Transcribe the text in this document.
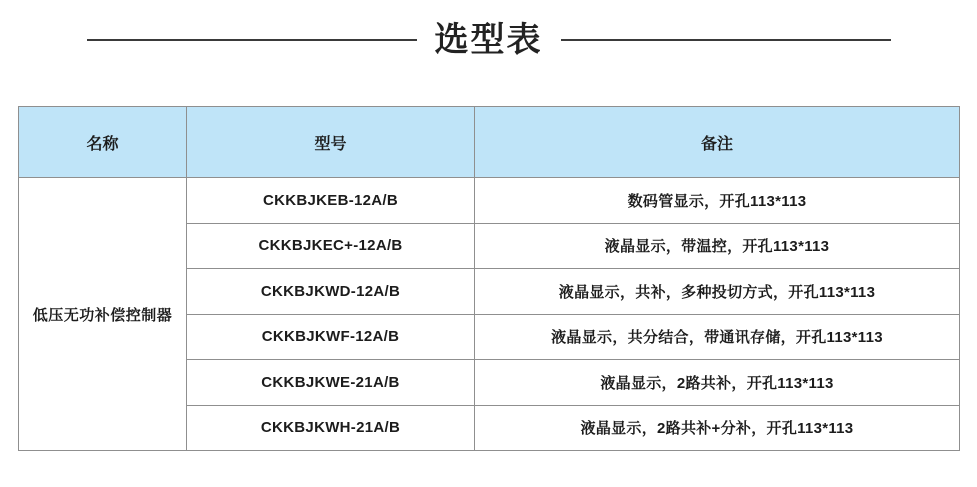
选型表
名称	型号	备注
低压无功补偿控制器	CKKBJKEB-12A/B	数码管显示，开孔113*113
	CKKBJKEC+-12A/B	液晶显示，带温控，开孔113*113
	CKKBJKWD-12A/B	液晶显示，共补，多种投切方式，开孔113*113
	CKKBJKWF-12A/B	液晶显示，共分结合，带通讯存储，开孔113*113
	CKKBJKWE-21A/B	液晶显示，2路共补，开孔113*113
	CKKBJKWH-21A/B	液晶显示，2路共补+分补，开孔113*113
